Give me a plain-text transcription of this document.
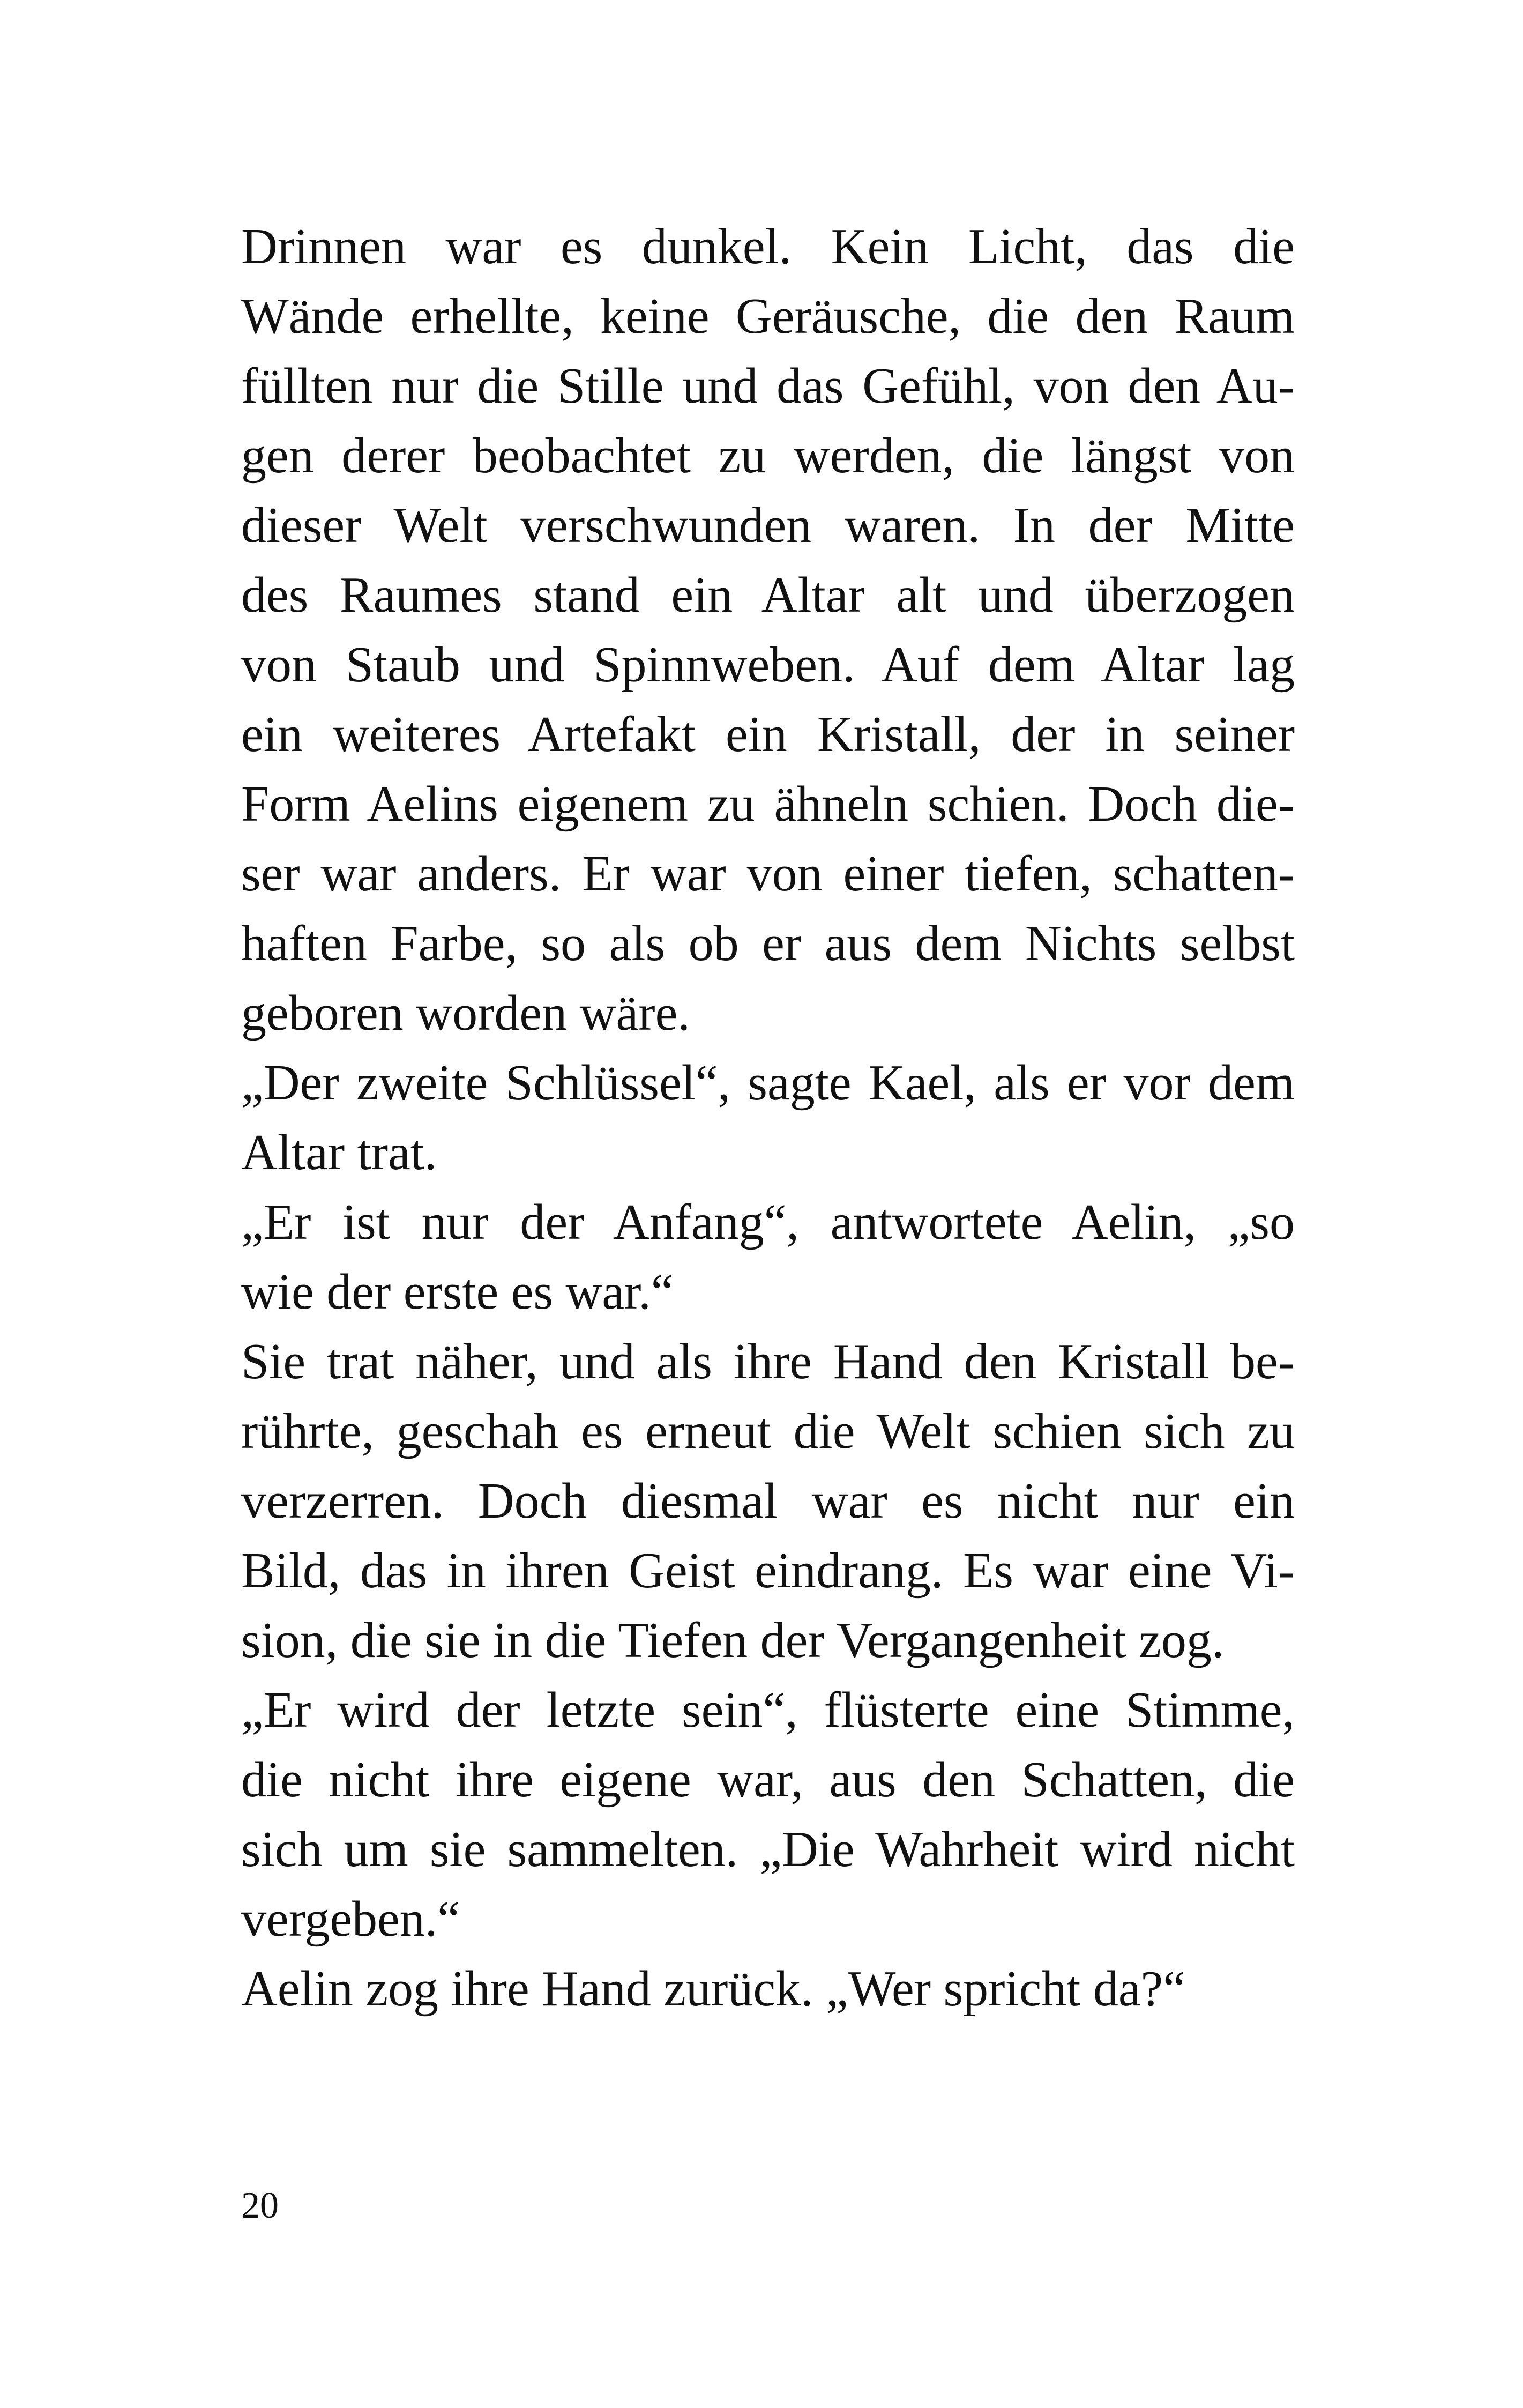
Drinnen war es dunkel. Kein Licht, das die
Wände erhellte, keine Geräusche, die den Raum
füllten nur die Stille und das Gefühl, von den Au-
gen derer beobachtet zu werden, die längst von
dieser Welt verschwunden waren. In der Mitte
des Raumes stand ein Altar alt und überzogen
von Staub und Spinnweben. Auf dem Altar lag
ein weiteres Artefakt ein Kristall, der in seiner
Form Aelins eigenem zu ähneln schien. Doch die-
ser war anders. Er war von einer tiefen, schatten-
haften Farbe, so als ob er aus dem Nichts selbst
geboren worden wäre.
„Der zweite Schlüssel“, sagte Kael, als er vor dem
Altar trat.
„Er ist nur der Anfang“, antwortete Aelin, „so
wie der erste es war.“
Sie trat näher, und als ihre Hand den Kristall be-
rührte, geschah es erneut die Welt schien sich zu
verzerren. Doch diesmal war es nicht nur ein
Bild, das in ihren Geist eindrang. Es war eine Vi-
sion, die sie in die Tiefen der Vergangenheit zog.
„Er wird der letzte sein“, flüsterte eine Stimme,
die nicht ihre eigene war, aus den Schatten, die
sich um sie sammelten. „Die Wahrheit wird nicht
vergeben.“
Aelin zog ihre Hand zurück. „Wer spricht da?“
20
